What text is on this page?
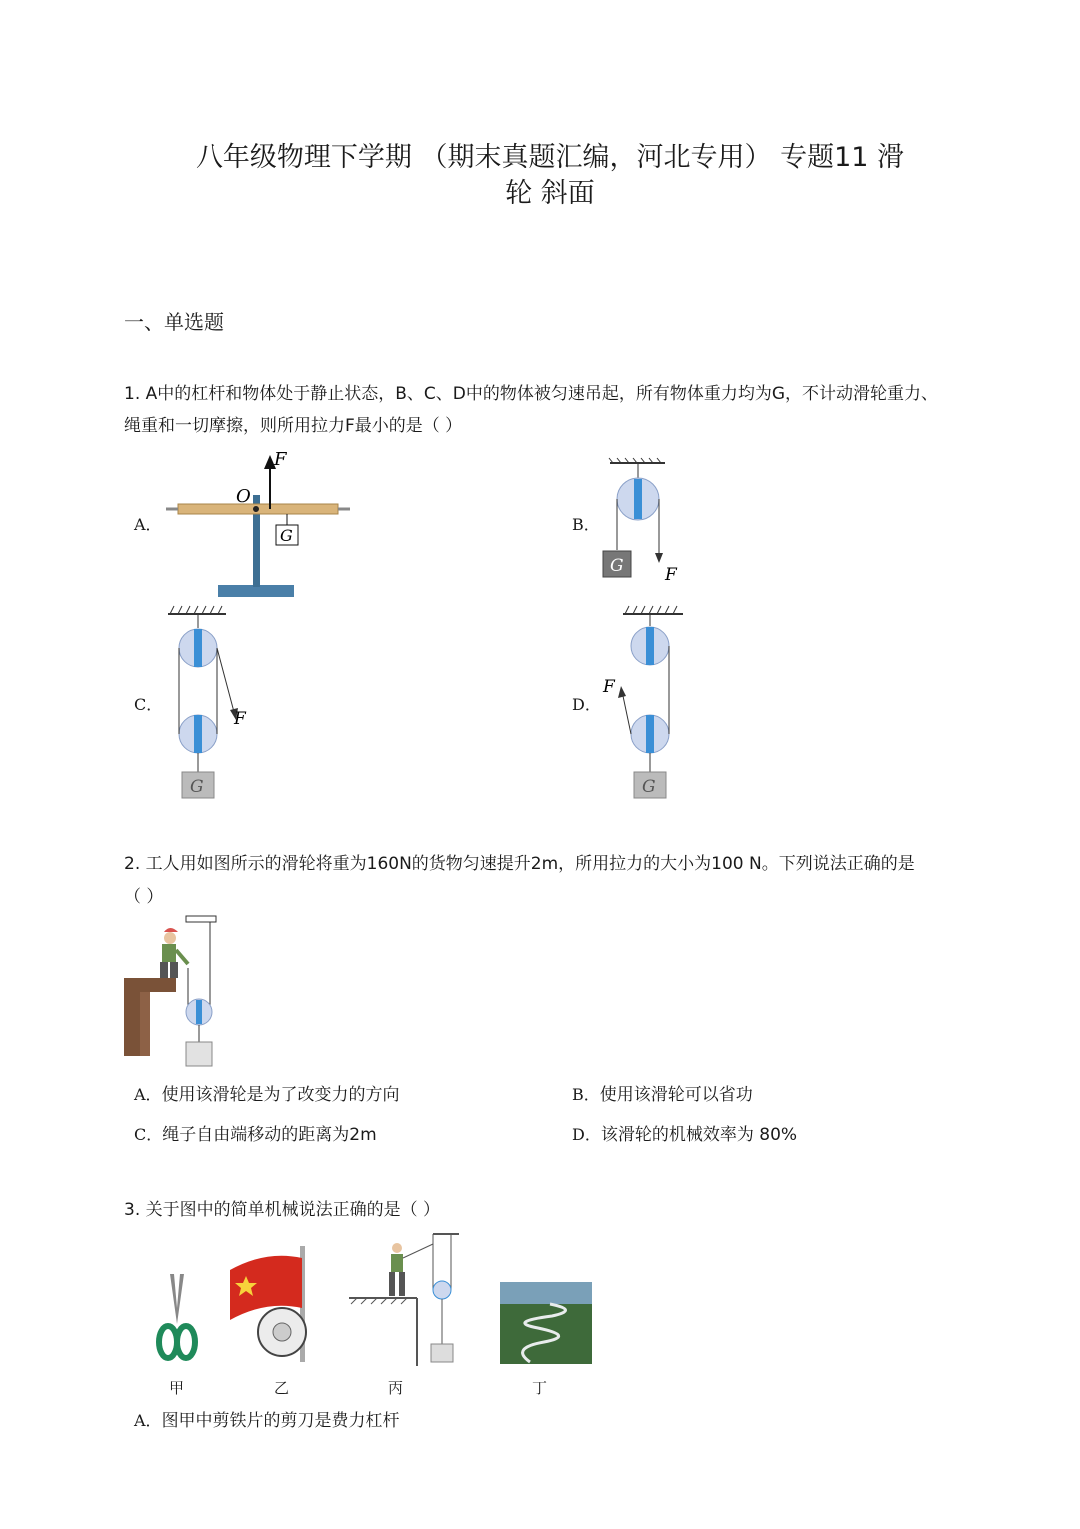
八年级物理下学期 （期末真题汇编，河北专用） 专题11 滑
轮 斜面
一、单选题
1. A中的杠杆和物体处于静止状态，B、C、D中的物体被匀速吊起，所有物体重力均为G，不计动滑轮重力、
绳重和一切摩擦，则所用拉力F最小的是（ ）
A．	B．
C．	D．
F
O
G
G F
F
G
F
G
2. 工人用如图所示的滑轮将重为160N的货物匀速提升2m，所用拉力的大小为100 N。下列说法正确的是
（ ）
A．使用该滑轮是为了改变力的方向	B．使用该滑轮可以省功
C．绳子自由端移动的距离为2m	D．该滑轮的机械效率为 80%
3. 关于图中的简单机械说法正确的是（ ）
甲	乙	丙	丁
A．图甲中剪铁片的剪刀是费力杠杆
